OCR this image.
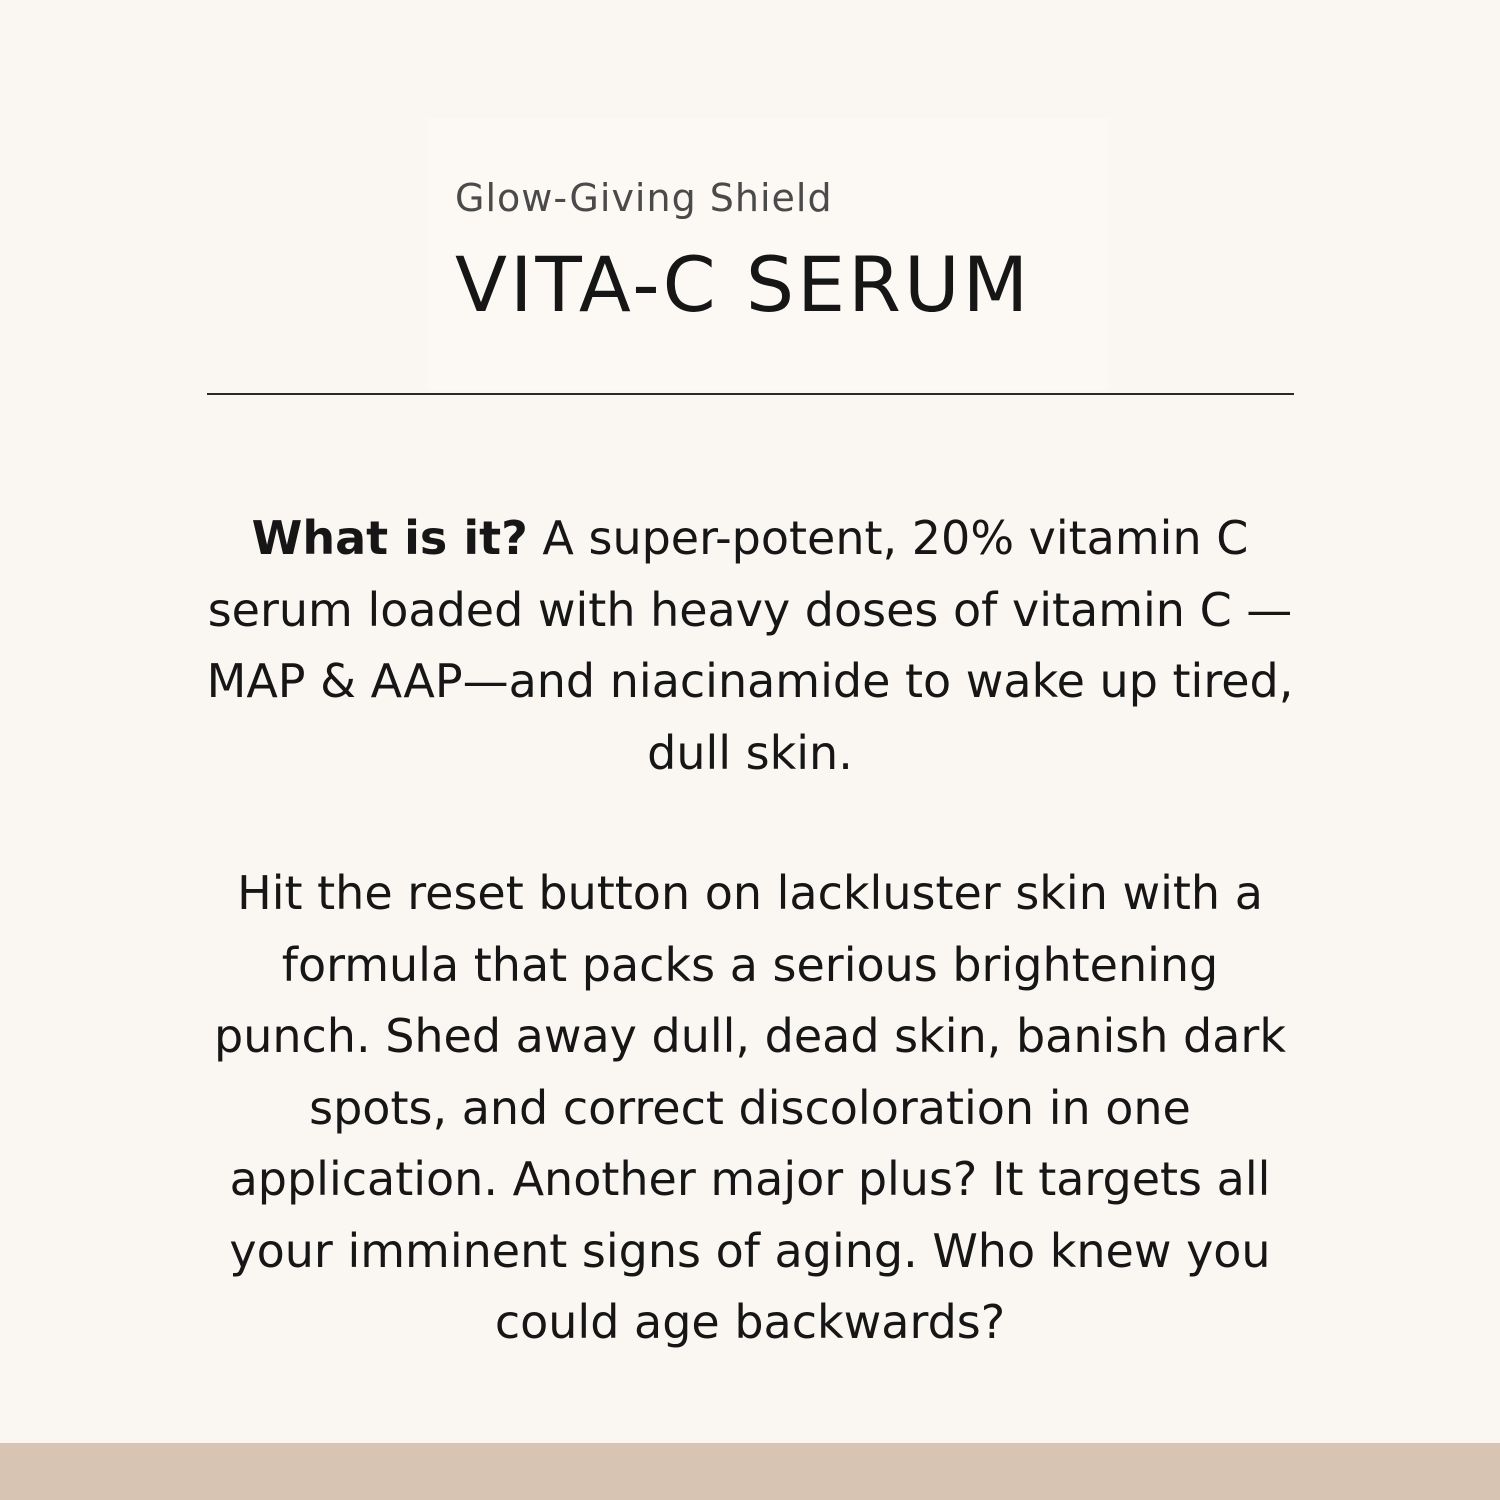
Glow-Giving Shield
VITA-C SERUM
What is it? A super-potent, 20% vitamin C serum loaded with heavy doses of vitamin C —MAP & AAP—and niacinamide to wake up tired, dull skin.
Hit the reset button on lackluster skin with a formula that packs a serious brightening punch. Shed away dull, dead skin, banish dark spots, and correct discoloration in one application. Another major plus? It targets all your imminent signs of aging. Who knew you could age backwards?
